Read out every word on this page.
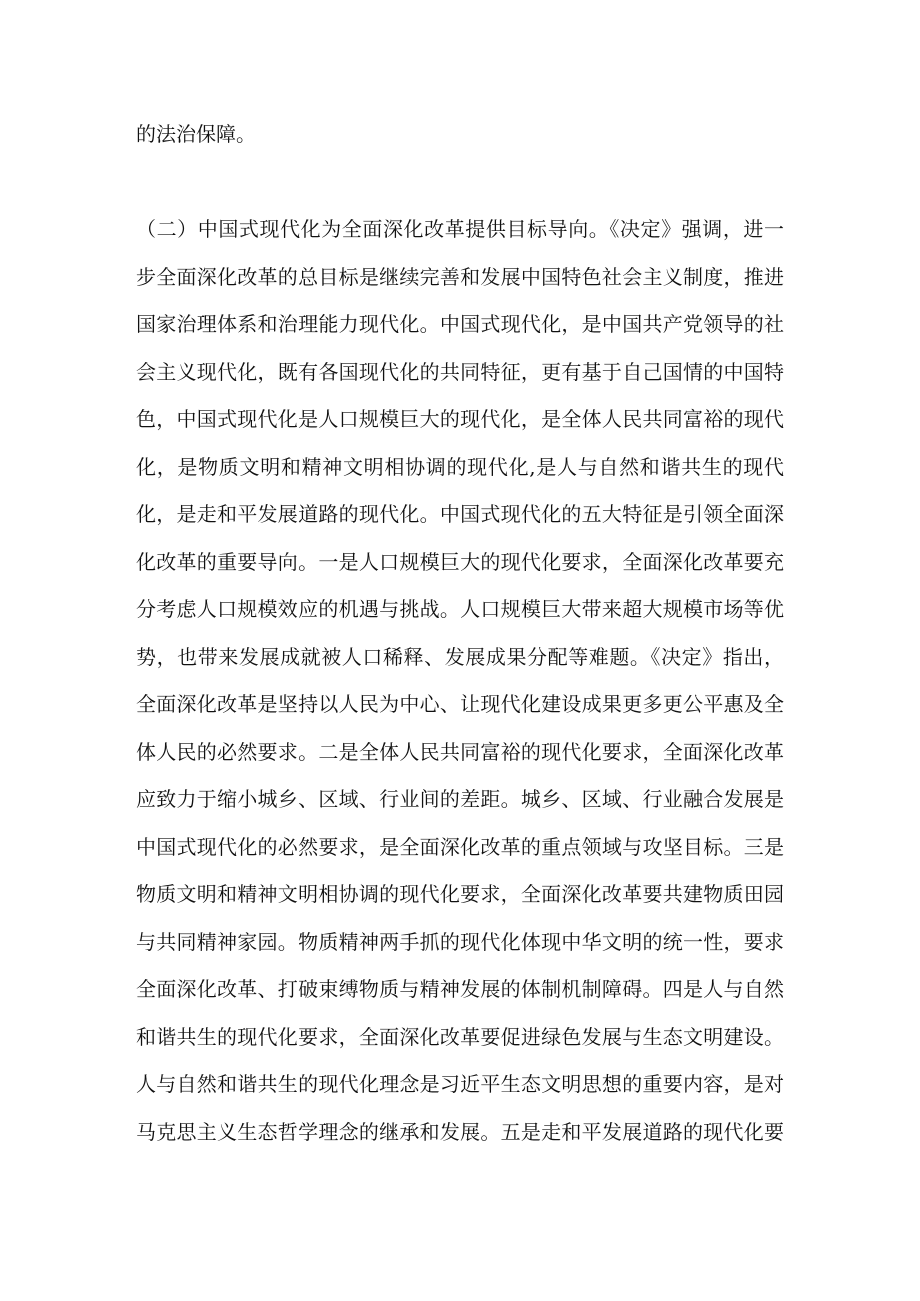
的法治保障。
（二）中国式现代化为全面深化改革提供目标导向。《决定》强调，进一
步全面深化改革的总目标是继续完善和发展中国特色社会主义制度，推进
国家治理体系和治理能力现代化。中国式现代化，是中国共产党领导的社
会主义现代化，既有各国现代化的共同特征，更有基于自己国情的中国特
色，中国式现代化是人口规模巨大的现代化，是全体人民共同富裕的现代
化，是物质文明和精神文明相协调的现代化,是人与自然和谐共生的现代
化，是走和平发展道路的现代化。中国式现代化的五大特征是引领全面深
化改革的重要导向。一是人口规模巨大的现代化要求，全面深化改革要充
分考虑人口规模效应的机遇与挑战。人口规模巨大带来超大规模市场等优
势，也带来发展成就被人口稀释、发展成果分配等难题。《决定》指出，
全面深化改革是坚持以人民为中心、让现代化建设成果更多更公平惠及全
体人民的必然要求。二是全体人民共同富裕的现代化要求，全面深化改革
应致力于缩小城乡、区域、行业间的差距。城乡、区域、行业融合发展是
中国式现代化的必然要求，是全面深化改革的重点领域与攻坚目标。三是
物质文明和精神文明相协调的现代化要求，全面深化改革要共建物质田园
与共同精神家园。物质精神两手抓的现代化体现中华文明的统一性，要求
全面深化改革、打破束缚物质与精神发展的体制机制障碍。四是人与自然
和谐共生的现代化要求，全面深化改革要促进绿色发展与生态文明建设。
人与自然和谐共生的现代化理念是习近平生态文明思想的重要内容，是对
马克思主义生态哲学理念的继承和发展。五是走和平发展道路的现代化要
